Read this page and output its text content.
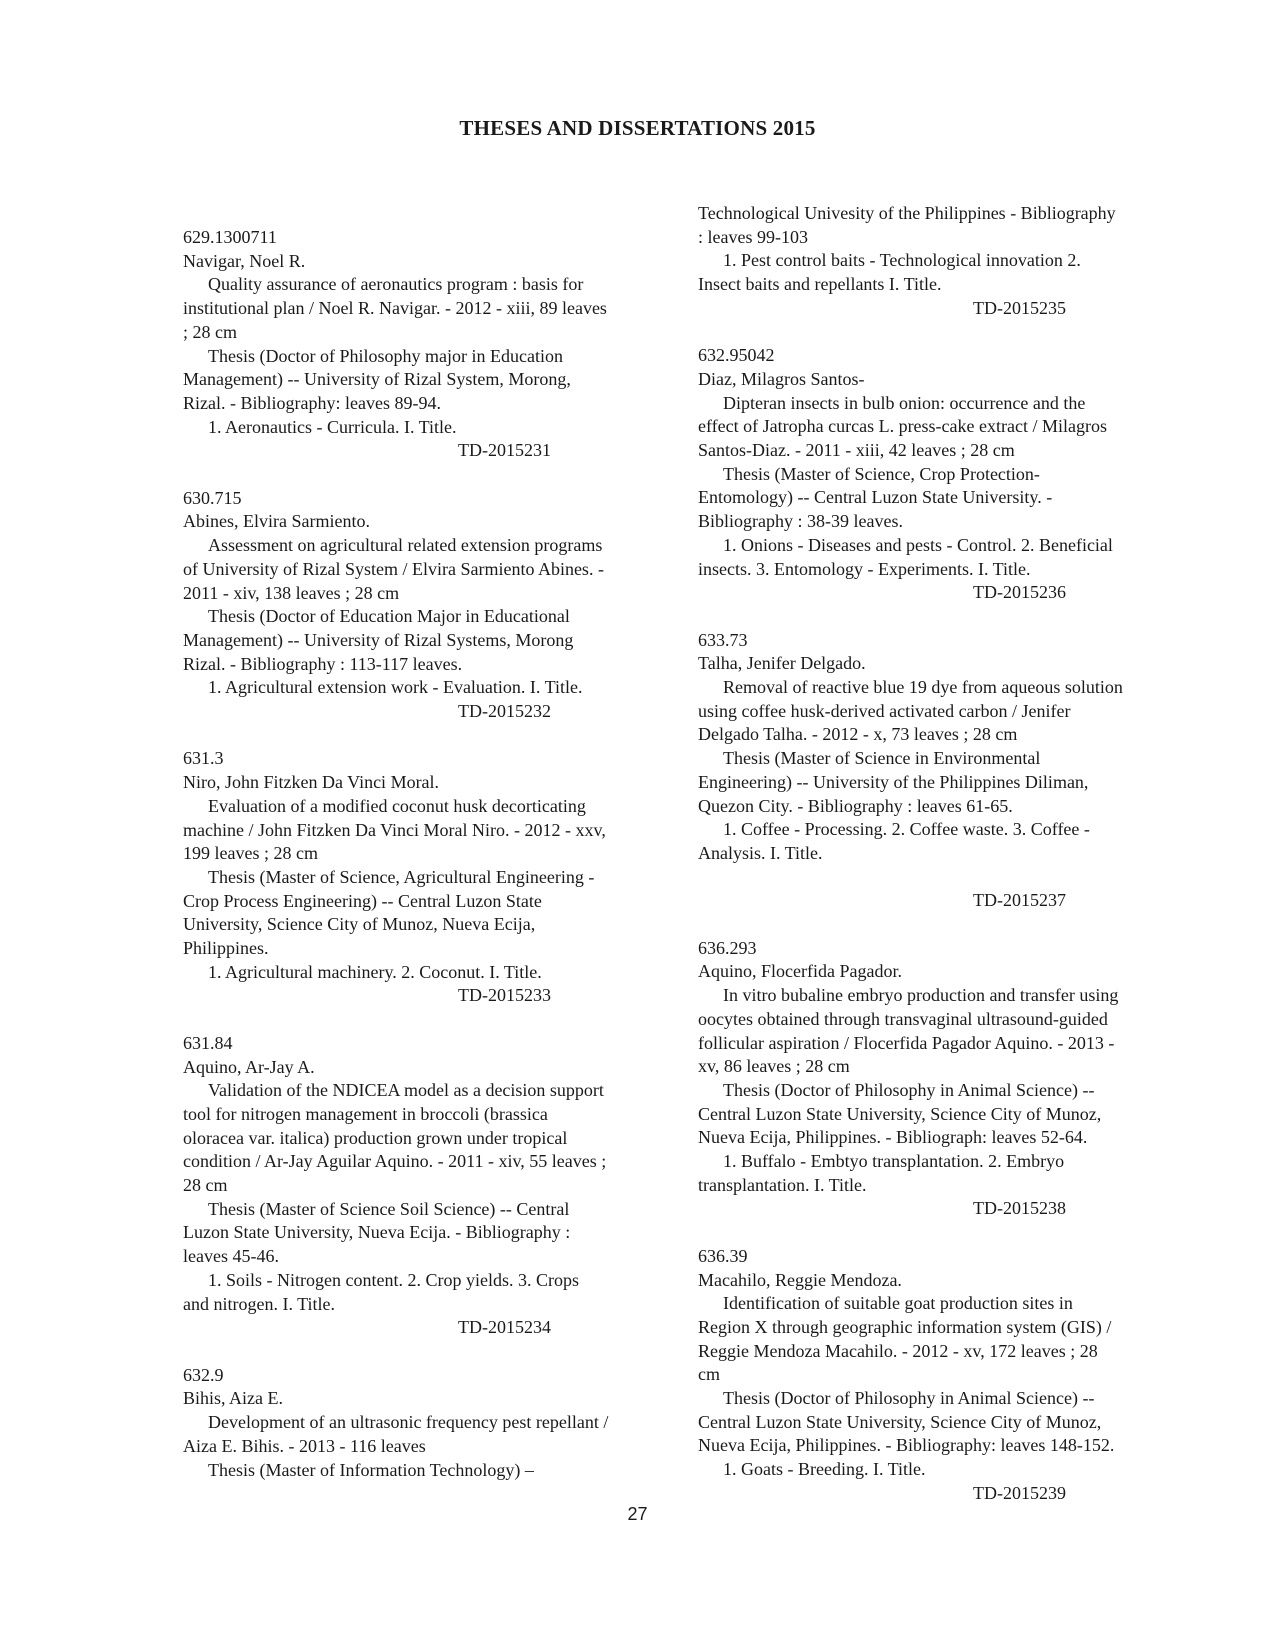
THESES AND DISSERTATIONS 2015
629.1300711
Navigar, Noel R.
Quality assurance of aeronautics program : basis for
institutional plan / Noel R. Navigar. - 2012 - xiii, 89 leaves
; 28 cm
Thesis (Doctor of Philosophy major in Education
Management) -- University of Rizal System, Morong,
Rizal. - Bibliography: leaves 89-94.
1. Aeronautics - Curricula. I. Title.
TD-2015231
630.715
Abines, Elvira Sarmiento.
Assessment on agricultural related extension programs
of University of Rizal System / Elvira Sarmiento Abines. -
2011 - xiv, 138 leaves ; 28 cm
Thesis (Doctor of Education Major in Educational
Management) -- University of Rizal Systems, Morong
Rizal. - Bibliography : 113-117 leaves.
1. Agricultural extension work - Evaluation. I. Title.
TD-2015232
631.3
Niro, John Fitzken Da Vinci Moral.
Evaluation of a modified coconut husk decorticating
machine / John Fitzken Da Vinci Moral Niro. - 2012 - xxv,
199 leaves ; 28 cm
Thesis (Master of Science, Agricultural Engineering -
Crop Process Engineering) -- Central Luzon State
University, Science City of Munoz, Nueva Ecija,
Philippines.
1. Agricultural machinery. 2. Coconut. I. Title.
TD-2015233
631.84
Aquino, Ar-Jay A.
Validation of the NDICEA model as a decision support
tool for nitrogen management in broccoli (brassica
oloracea var. italica) production grown under tropical
condition / Ar-Jay Aguilar Aquino. - 2011 - xiv, 55 leaves ;
28 cm
Thesis (Master of Science Soil Science) -- Central
Luzon State University, Nueva Ecija. - Bibliography :
leaves 45-46.
1. Soils - Nitrogen content. 2. Crop yields. 3. Crops
and nitrogen. I. Title.
TD-2015234
632.9
Bihis, Aiza E.
Development of an ultrasonic frequency pest repellant /
Aiza E. Bihis. - 2013 - 116 leaves
Thesis (Master of Information Technology) –
Technological Univesity of the Philippines - Bibliography
: leaves 99-103
1. Pest control baits - Technological innovation 2.
Insect baits and repellants I. Title.
TD-2015235
632.95042
Diaz, Milagros Santos-
Dipteran insects in bulb onion: occurrence and the
effect of Jatropha curcas L. press-cake extract / Milagros
Santos-Diaz. - 2011 - xiii, 42 leaves ; 28 cm
Thesis (Master of Science, Crop Protection-
Entomology) -- Central Luzon State University. -
Bibliography : 38-39 leaves.
1. Onions - Diseases and pests - Control. 2. Beneficial
insects. 3. Entomology - Experiments. I. Title.
TD-2015236
633.73
Talha, Jenifer Delgado.
Removal of reactive blue 19 dye from aqueous solution
using coffee husk-derived activated carbon / Jenifer
Delgado Talha. - 2012 - x, 73 leaves ; 28 cm
Thesis (Master of Science in Environmental
Engineering) -- University of the Philippines Diliman,
Quezon City. - Bibliography : leaves 61-65.
1. Coffee - Processing. 2. Coffee waste. 3. Coffee -
Analysis. I. Title.
TD-2015237
636.293
Aquino, Flocerfida Pagador.
In vitro bubaline embryo production and transfer using
oocytes obtained through transvaginal ultrasound-guided
follicular aspiration / Flocerfida Pagador Aquino. - 2013 -
xv, 86 leaves ; 28 cm
Thesis (Doctor of Philosophy in Animal Science) --
Central Luzon State University, Science City of Munoz,
Nueva Ecija, Philippines. - Bibliograph: leaves 52-64.
1. Buffalo - Embtyo transplantation. 2. Embryo
transplantation. I. Title.
TD-2015238
636.39
Macahilo, Reggie Mendoza.
Identification of suitable goat production sites in
Region X through geographic information system (GIS) /
Reggie Mendoza Macahilo. - 2012 - xv, 172 leaves ; 28
cm
Thesis (Doctor of Philosophy in Animal Science) --
Central Luzon State University, Science City of Munoz,
Nueva Ecija, Philippines. - Bibliography: leaves 148-152.
1. Goats - Breeding. I. Title.
TD-2015239
27
